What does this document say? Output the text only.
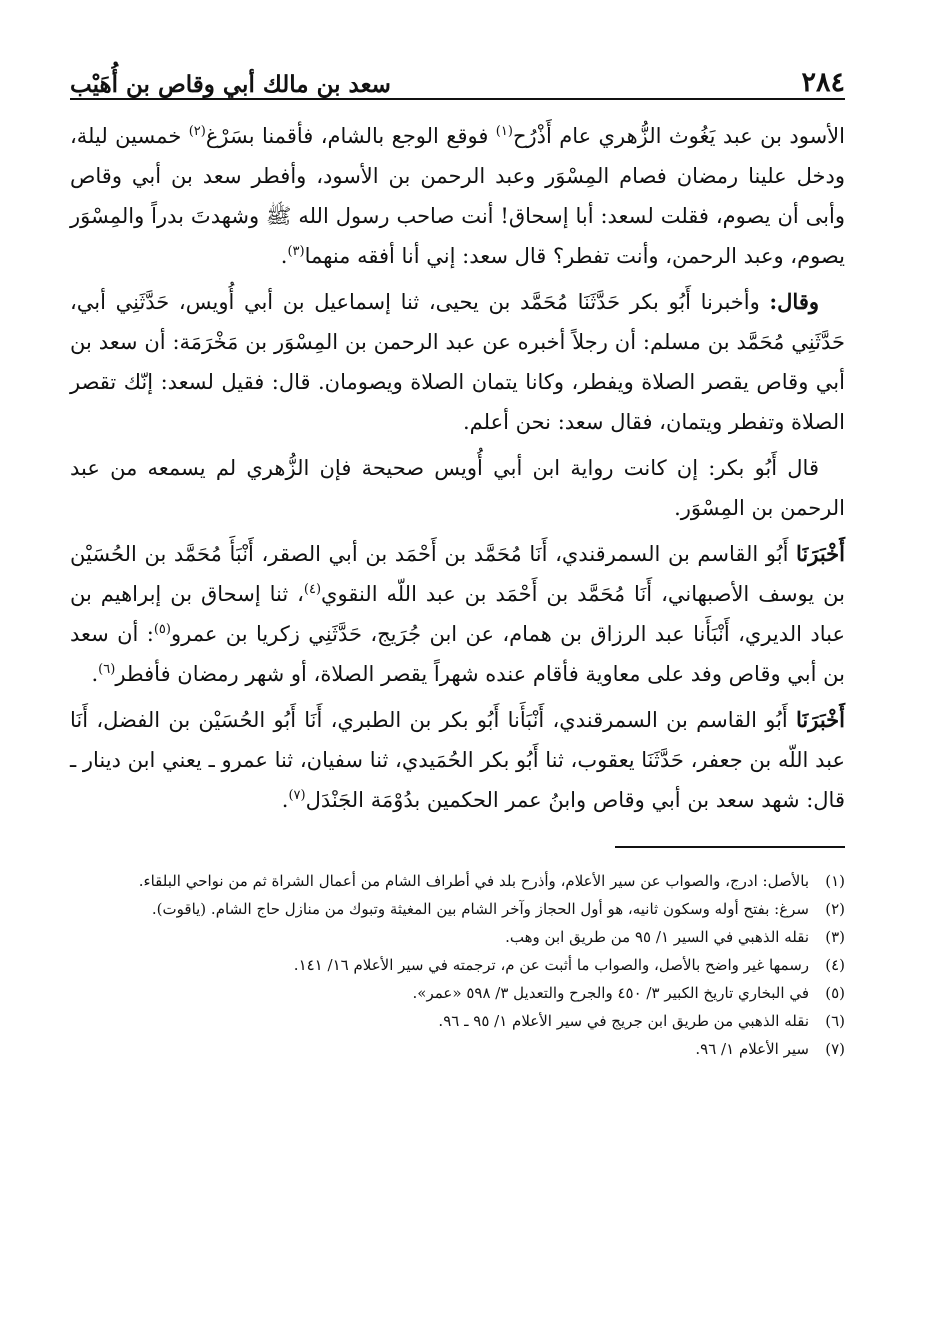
٢٨٤
سعد بن مالك أبي وقاص بن أُهَيْب

الأسود بن عبد يَغُوث الزُّهري عام أَذْرُح$^{(١)}$ فوقع الوجع بالشام، فأقمنا بسَرْغ$^{(٢)}$ خمسين ليلة، ودخل علينا رمضان فصام المِسْوَر وعبد الرحمن بن الأسود، وأفطر سعد بن أبي وقاص وأبى أن يصوم، فقلت لسعد: أبا إسحاق! أنت صاحب رسول الله ﷺ وشهدتَ بدراً والمِسْوَر يصوم، وعبد الرحمن، وأنت تفطر؟ قال سعد: إني أنا أفقه منهما$^{(٣)}$.

وقال: وأخبرنا أَبُو بكر حَدَّثَنَا مُحَمَّد بن يحيى، ثنا إسماعيل بن أبي أُويس، حَدَّثَنِي أبي، حَدَّثَنِي مُحَمَّد بن مسلم: أن رجلاً أخبره عن عبد الرحمن بن المِسْوَر بن مَخْرَمَة: أن سعد بن أبي وقاص يقصر الصلاة ويفطر، وكانا يتمان الصلاة ويصومان. قال: فقيل لسعد: إنّك تقصر الصلاة وتفطر ويتمان، فقال سعد: نحن أعلم.

قال أَبُو بكر: إن كانت رواية ابن أبي أُويس صحيحة فإن الزُّهري لم يسمعه من عبد الرحمن بن المِسْوَر.

أَخْبَرَنَا أَبُو القاسم بن السمرقندي، أَنَا مُحَمَّد بن أَحْمَد بن أبي الصقر، أَنْبَأَ مُحَمَّد بن الحُسَيْن بن يوسف الأصبهاني، أَنَا مُحَمَّد بن أَحْمَد بن عبد اللّه النقوي$^{(٤)}$، ثنا إسحاق بن إبراهيم بن عباد الديري، أَنْبَأَنا عبد الرزاق بن همام، عن ابن جُرَيج، حَدَّثَنِي زكريا بن عمرو$^{(٥)}$: أن سعد بن أبي وقاص وفد على معاوية فأقام عنده شهراً يقصر الصلاة، أو شهر رمضان فأفطر$^{(٦)}$.

أَخْبَرَنَا أَبُو القاسم بن السمرقندي، أَنْبَأَنا أَبُو بكر بن الطبري، أَنَا أَبُو الحُسَيْن بن الفضل، أَنَا عبد اللّه بن جعفر، حَدَّثَنَا يعقوب، ثنا أَبُو بكر الحُمَيدي، ثنا سفيان، ثنا عمرو ـ يعني ابن دينار ـ قال: شهد سعد بن أبي وقاص وابنُ عمر الحكمين بدُوْمَة الجَنْدَل$^{(٧)}$.

(١)
بالأصل: ادرج، والصواب عن سير الأعلام، وأذرح بلد في أطراف الشام من أعمال الشراة ثم من نواحي البلقاء.
(٢)
سرغ: بفتح أوله وسكون ثانيه، هو أول الحجاز وآخر الشام بين المغيثة وتبوك من منازل حاج الشام. (ياقوت).
(٣)
نقله الذهبي في السير ١/ ٩٥ من طريق ابن وهب.
(٤)
رسمها غير واضح بالأصل، والصواب ما أثبت عن م، ترجمته في سير الأعلام ١٦/ ١٤١.
(٥)
في البخاري تاريخ الكبير ٣/ ٤٥٠ والجرح والتعديل ٣/ ٥٩٨ «عمر».
(٦)
نقله الذهبي من طريق ابن جريج في سير الأعلام ١/ ٩٥ ـ ٩٦.
(٧)
سير الأعلام ١/ ٩٦.
